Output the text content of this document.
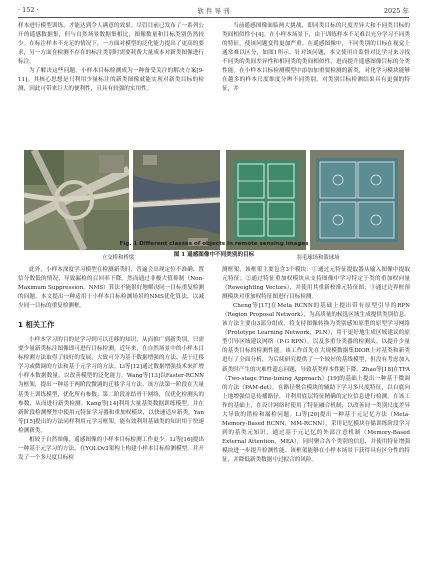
· 152 ·	软 件 导 刊	2025 年

样本进行模型训练，才能达到令人满意的效果。尽管目前已发布了一系列公开的遥感数据集，但与自然场景数据集相比，图像数量和目标类别仍然较少。在标注样本不充足的情况下，一方面对模型的泛化能力提出了更高的要求，另一方面在检测不存在的标注类别时需要耗费大量成本对新类图像进行标注。

为了解决这些问题，小样本目标检测成为一种备受关注的解决方案[9-11]。其核心思想是只利用少量标注的新类图像就能实现对新类目标的检测，因此可带来巨大的便利性，且具有较强的实用性。

当前遥感图像面临两大挑战，即同类目标的尺度差异大和不同类目标的类间相似性小[4]。在小样本场景下，由于训练样本不足难以充分学习不同类的特征，使该问题变得更加严重。在遥感图像中，不同类别的目标在视觉上通常难以区分，如图1所示。针对该问题，本文使用自监督对比学习来寻找不同类的类间差异性和相同类的类间相似性，进而提升遥感图像目标的分类性能。在小样本目标检测模型中添加加重要检测的新类，对化学习模块能够在越多的样本尺度维度分辨不同类别，对类别目标检测结果具有更强的特征，并

立交桥和桥梁	羽毛球场和篮球场
Fig. 1 Different classes of objects in remote sensing images
图 1 遥感图像中不同类别的目标

此外，小样本深度学习模型在检测新类时，普遍会出现定位不准确、置信分数低的情况，导致漏检的召回率下降。然而通过非极大值抑制（Non-Maximum Suppression，NMS）算法不能很好地解决同一目标重复检测的问题。本文提出一种适用于小样本目标检测场景的NMS优化算法，以减少同一目标的重复检测框。

1 相关工作

小样本学习的目的是学习到可以迁移的知识，从而推广到新类别，只需要少量新类标注图像即可进行目标检测。近年来，在自然场景中的小样本目标检测方法取得了较好的发展，大致可分为基于数据增强的方法、基于迁移学习或微调的方法和基于元学习的方法。Li等[12]通过数据增强技术来扩增小样本数据数量，以改善模型的泛化能力。Wang等[13]以Faster-RCNN为框架，提出一种基于两阶段微调的迁移学习方法。该方法第一阶段在大量基类上训练模型，优化所有参数；第二阶段冻结骨干网络，仅优化检测头的参数，从而进行新类检测。Kang等[14]利用大量基类数据训练模型，并在新阶段检测聚焦中使用元特征学习器和重加权模块，以快速适应新类。Yan等[15]提出的方法同样利用元学习框架，能有效利用基础类的知识用于快速检测新类。

相较于自然图像，遥感图像的小样本目标检测工作更少。Li等[16]提出一种基于元学习的方法，在YOLOv3架构上构建小样本目标检测模型，并开发了一个多尺度目标检

测框架，该框架主要包含3个模块：①通过元特征提取器从输入图像中提取元特征；②通过特征重加权模块从支持图像中学习特定于类的重加权向量（Reweighting Vectors），并使用其重新校准元特征图；③通过边界框预测模块对重加权特征图进行目标检测。

Cheng等[17]在Meta RCNN的基础上提出带有原型引导的RPN（Region Proposal Network），为高质量的候选区域生成提供类别信息。该方法主要由3部分组成，将支持图像转换为类别感知原型的原型学习网络（Prototype Learning Network，PLN），用于更好地生成区域建议的原型引导区域建议网络（P-G RPN），以及多重分类器的检测头。以提升少量的基类目标的检测性能。该工作首先在大规模数据集DIOR上对基类和新类进行了全面分析，为后续研究提供了一个较好的基线模型，但没有考虑加入新类时产生的灾难性遗忘问题，导致基类样本性能下降。Zhao等[18]在TFA（Two-stage Fine-tuning Approach）[19]的基础上提出一种基于微调的方法（PAM-det），在路径聚合模块的辅助下学习多尺度特征，以自底向上地增强信息传播路径，并利用底层特征精确的定位信息进行检测。在该工作的基础上，在设计网络时使用了特征融合机制，以改善同一类别尺度差异大导致的错检和漏检问题。Li等[20]提出一种基于元记忆方法（Meta-Memory-Based RCNN，MM-RCNN），采用记忆模块存储训练阶段学习到的基类元知识，通过基于元记忆的外部注意机制（Memory-Based External Attention，MEA），同时聚合各个类别的信息，并使用特征增强模块进一步提升检测性能。该框架能够在小样本场景下获得具有区分性的特征，并降低新类数据中过拟合的风险。
